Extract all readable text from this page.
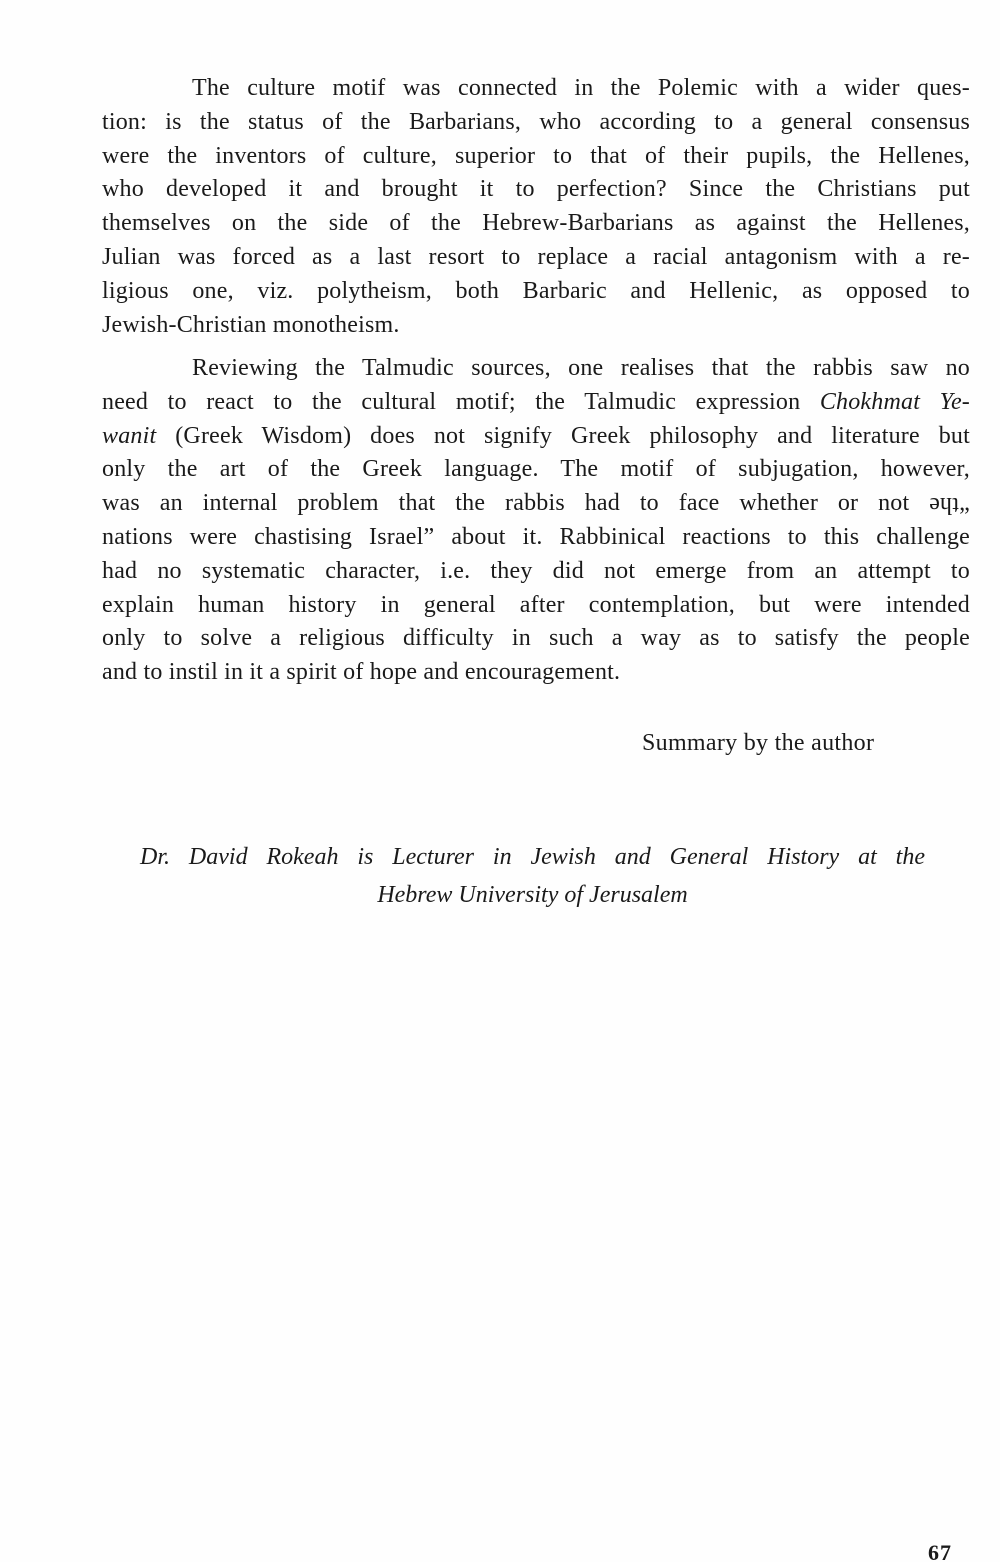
The culture motif was connected in the Polemic with a wider ques-
tion: is the status of the Barbarians, who according to a general consensus
were the inventors of culture, superior to that of their pupils, the Hellenes,
who developed it and brought it to perfection? Since the Christians put
themselves on the side of the Hebrew-Barbarians as against the Hellenes,
Julian was forced as a last resort to replace a racial antagonism with a re-
ligious one, viz. polytheism, both Barbaric and Hellenic, as opposed to
Jewish-Christian monotheism.
Reviewing the Talmudic sources, one realises that the rabbis saw no
need to react to the cultural motif; the Talmudic expression Chokhmat Ye-
wanit (Greek Wisdom) does not signify Greek philosophy and literature but
only the art of the Greek language. The motif of subjugation, however,
was an internal problem that the rabbis had to face whether or not the„
nations were chastising Israel” about it. Rabbinical reactions to this challenge
had no systematic character, i.e. they did not emerge from an attempt to
explain human history in general after contemplation, but were intended
only to solve a religious difficulty in such a way as to satisfy the people
and to instil in it a spirit of hope and encouragement.
Summary by the author
Dr. David Rokeah is Lecturer in Jewish and General History at the
Hebrew University of Jerusalem
67
